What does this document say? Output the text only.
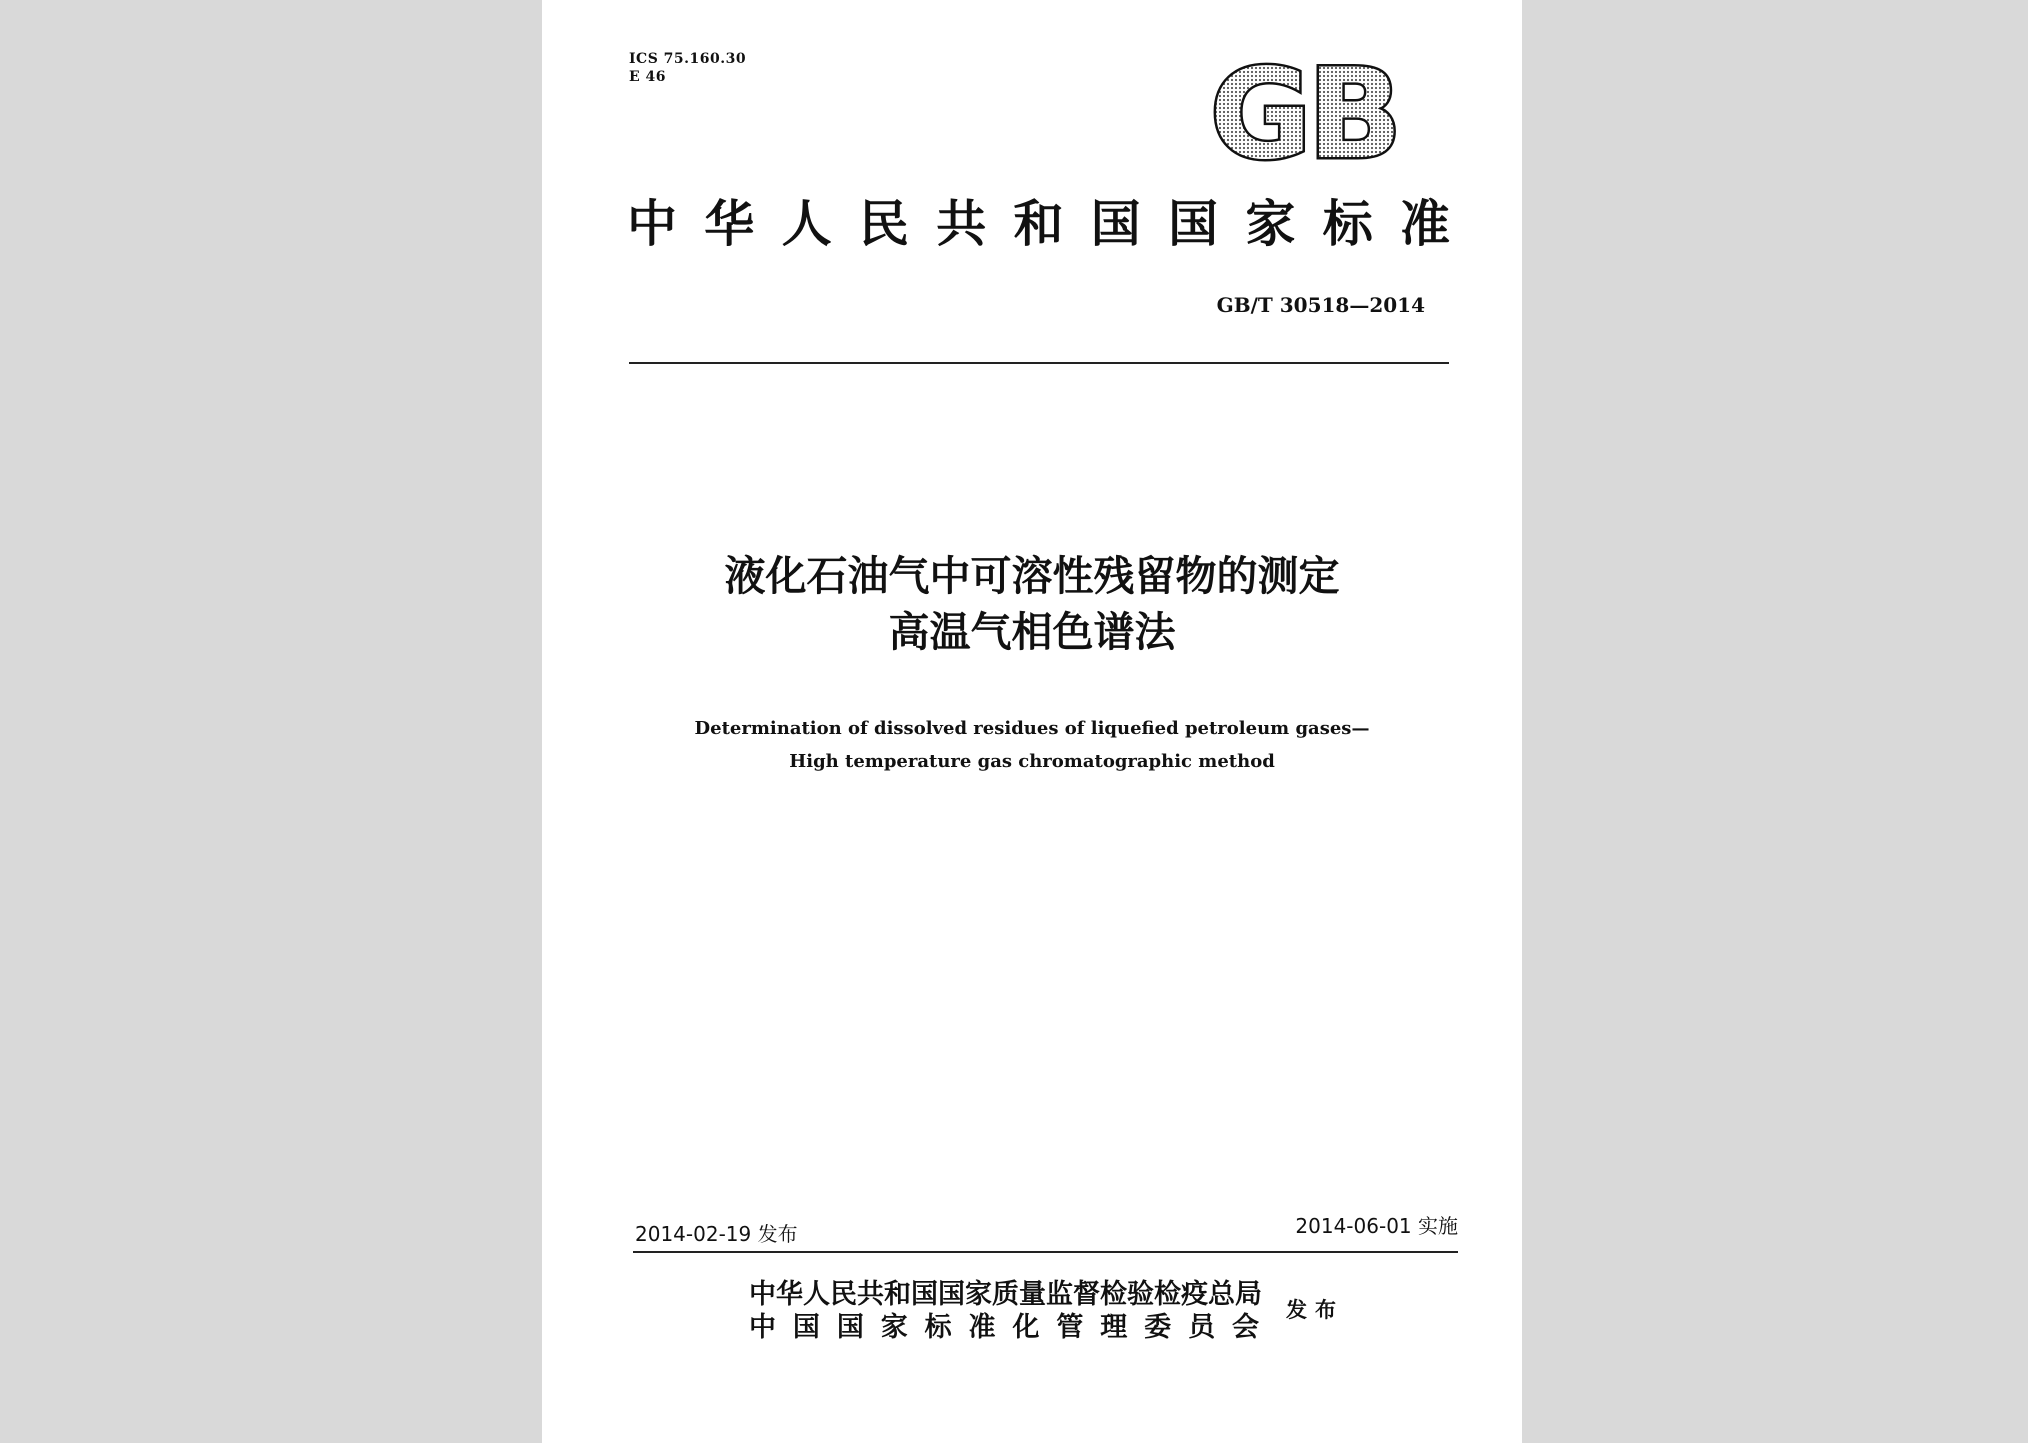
ICS 75.160.30
E 46	GB
中华人民共和国国家标准
GB/T 30518—2014
液化石油气中可溶性残留物的测定
高温气相色谱法
Determination of dissolved residues of liquefied petroleum gases—
High temperature gas chromatographic method
2014-02-19 发布	2014-06-01 实施
中华人民共和国国家质量监督检验检疫总局
中国国家标准化管理委员会
发布
